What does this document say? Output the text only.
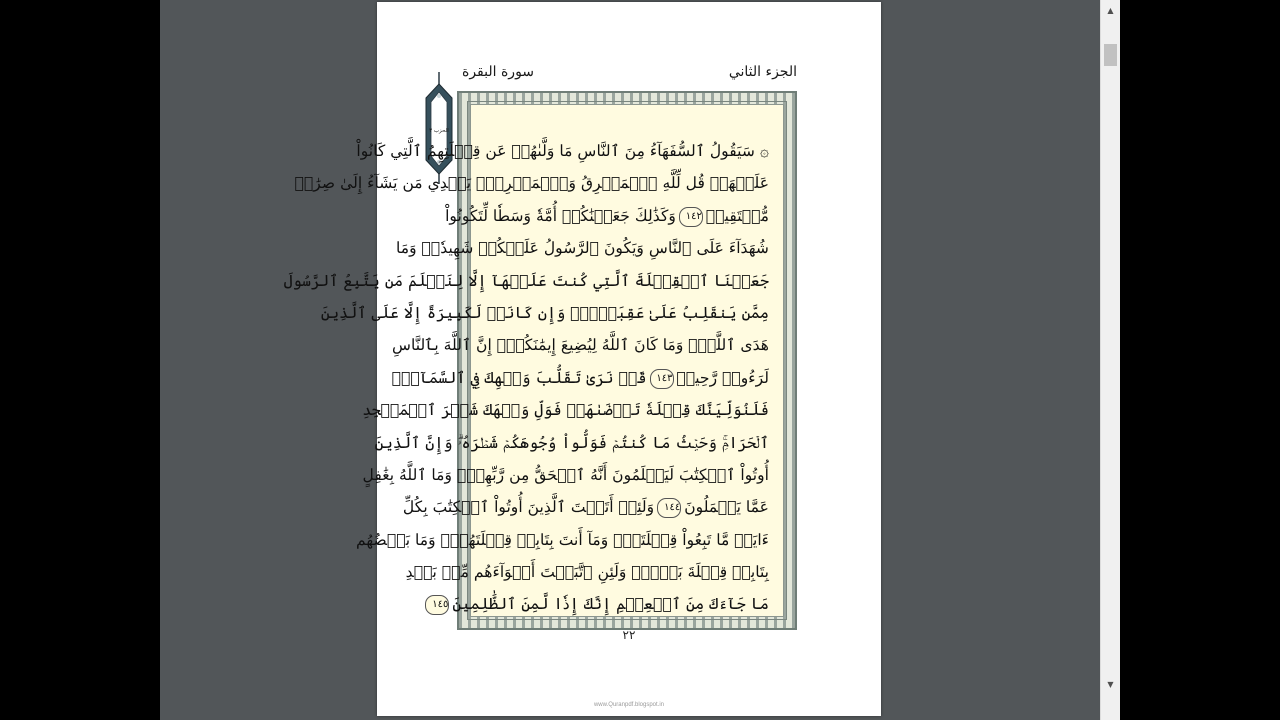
الجزء الثاني
سورة البقرة
الحزب ٣
۞ سَيَقُولُ ٱلسُّفَهَآءُ مِنَ ٱلنَّاسِ مَا وَلَّىٰهُمۡ عَن قِبۡلَتِهِمُ ٱلَّتِي كَانُواْ
عَلَيۡهَاۚ قُل لِّلَّهِ ٱلۡمَشۡرِقُ وَٱلۡمَغۡرِبُۚ يَهۡدِي مَن يَشَآءُ إِلَىٰ صِرَٰطٖ
مُّسۡتَقِيمٖ١٤٢وَكَذَٰلِكَ جَعَلۡنَٰكُمۡ أُمَّةٗ وَسَطٗا لِّتَكُونُواْ
شُهَدَآءَ عَلَى ٱلنَّاسِ وَيَكُونَ ٱلرَّسُولُ عَلَيۡكُمۡ شَهِيدٗاۗ وَمَا
جَعَلۡنَا ٱلۡقِبۡلَةَ ٱلَّتِي كُنتَ عَلَيۡهَآ إِلَّا لِنَعۡلَمَ مَن يَتَّبِعُ ٱلرَّسُولَ
مِمَّن يَنقَلِبُ عَلَىٰ عَقِبَيۡهِۚ وَإِن كَانَتۡ لَكَبِيرَةً إِلَّا عَلَى ٱلَّذِينَ
هَدَى ٱللَّهُۗ وَمَا كَانَ ٱللَّهُ لِيُضِيعَ إِيمَٰنَكُمۡۚ إِنَّ ٱللَّهَ بِٱلنَّاسِ
لَرَءُوفٞ رَّحِيمٞ١٤٣قَدۡ نَرَىٰ تَقَلُّبَ وَجۡهِكَ فِي ٱلسَّمَآءِۖ
فَلَنُوَلِّيَنَّكَ قِبۡلَةٗ تَرۡضَىٰهَاۚ فَوَلِّ وَجۡهَكَ شَطۡرَ ٱلۡمَسۡجِدِ
ٱلۡحَرَامِۚ وَحَيۡثُ مَا كُنتُمۡ فَوَلُّواْ وُجُوهَكُمۡ شَطۡرَهُۥۗ وَإِنَّ ٱلَّذِينَ
أُوتُواْ ٱلۡكِتَٰبَ لَيَعۡلَمُونَ أَنَّهُ ٱلۡحَقُّ مِن رَّبِّهِمۡۗ وَمَا ٱللَّهُ بِغَٰفِلٍ
عَمَّا يَعۡمَلُونَ١٤٤وَلَئِنۡ أَتَيۡتَ ٱلَّذِينَ أُوتُواْ ٱلۡكِتَٰبَ بِكُلِّ
ءَايَةٖ مَّا تَبِعُواْ قِبۡلَتَكَۚ وَمَآ أَنتَ بِتَابِعٖ قِبۡلَتَهُمۡۚ وَمَا بَعۡضُهُم
بِتَابِعٖ قِبۡلَةَ بَعۡضٖۚ وَلَئِنِ ٱتَّبَعۡتَ أَهۡوَآءَهُم مِّنۢ بَعۡدِ
مَا جَآءَكَ مِنَ ٱلۡعِلۡمِ إِنَّكَ إِذٗا لَّمِنَ ٱلظَّٰلِمِينَ١٤٥
٢٢
www.Quranpdf.blogspot.in
▲
▼
